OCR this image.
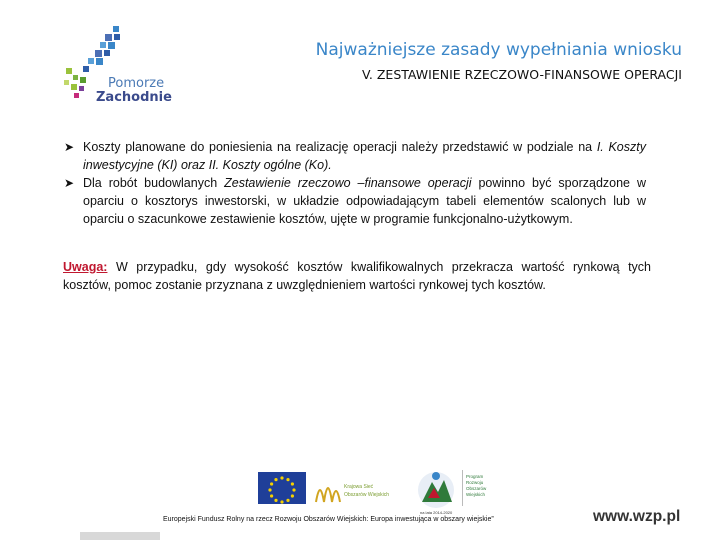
Pomorze
Zachodnie
Najważniejsze zasady wypełniania wniosku
V. ZESTAWIENIE RZECZOWO-FINANSOWE OPERACJI
➤ Koszty planowane do poniesienia na realizację operacji należy przedstawić w podziale na I. Koszty inwestycyjne (KI) oraz II. Koszty ogólne (Ko).
➤ Dla robót budowlanych Zestawienie rzeczowo –finansowe operacji powinno być sporządzone w oparciu o kosztorys inwestorski, w układzie odpowiadającym tabeli elementów scalonych lub w oparciu o szacunkowe zestawienie kosztów, ujęte w programie funkcjonalno-użytkowym.
Uwaga: W przypadku, gdy wysokość kosztów kwalifikowalnych przekracza wartość rynkową tych kosztów, pomoc zostanie przyznana z uwzględnieniem wartości rynkowej tych kosztów.
Krajowa Sieć
Obszarów Wiejskich
na lata 2014-2020
Program
Rozwoju
Obszarów
Wiejskich
Europejski Fundusz Rolny na rzecz Rozwoju Obszarów Wiejskich: Europa inwestująca w obszary wiejskie”	www.wzp.pl
